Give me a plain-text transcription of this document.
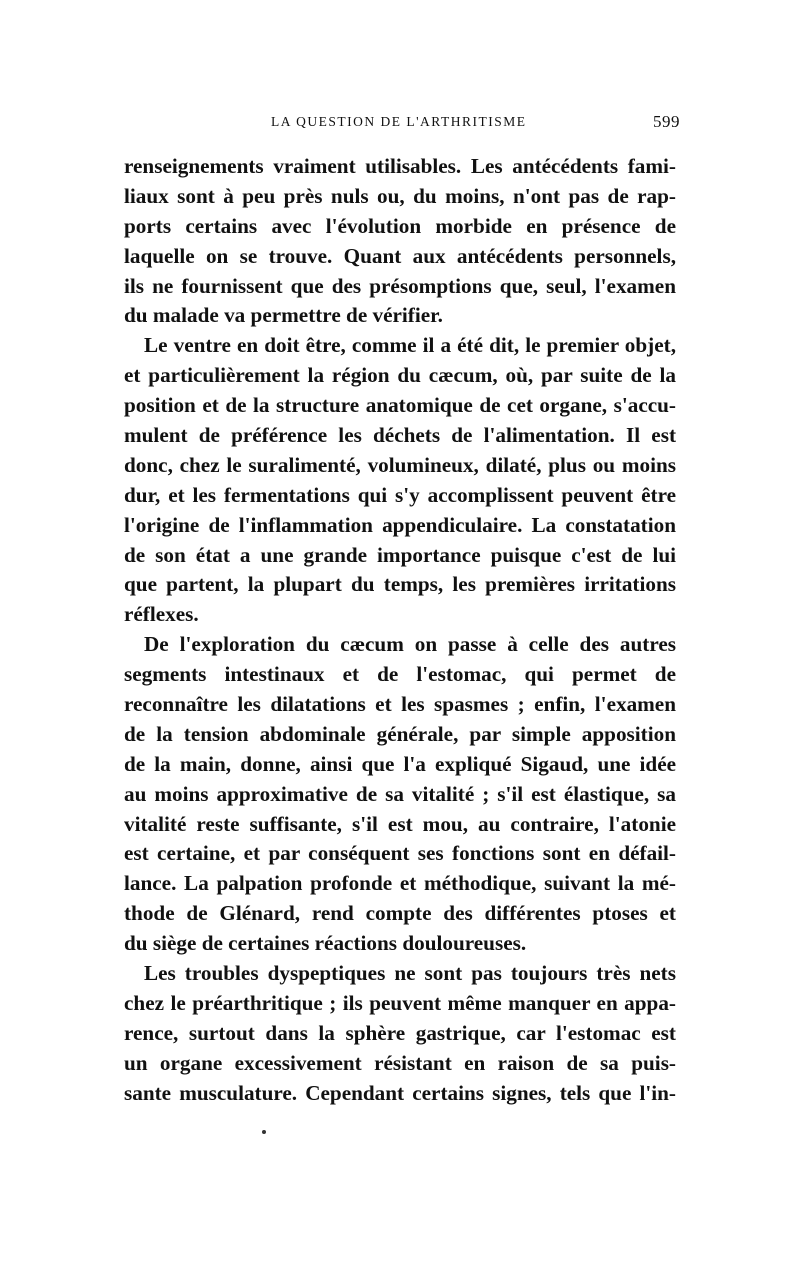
LA QUESTION DE L'ARTHRITISME	599
renseignements vraiment utilisables. Les antécédents fami-
liaux sont à peu près nuls ou, du moins, n'ont pas de rap-
ports certains avec l'évolution morbide en présence de
laquelle on se trouve. Quant aux antécédents personnels,
ils ne fournissent que des présomptions que, seul, l'examen
du malade va permettre de vérifier.
Le ventre en doit être, comme il a été dit, le premier objet,
et particulièrement la région du cæcum, où, par suite de la
position et de la structure anatomique de cet organe, s'accu-
mulent de préférence les déchets de l'alimentation. Il est
donc, chez le suralimenté, volumineux, dilaté, plus ou moins
dur, et les fermentations qui s'y accomplissent peuvent être
l'origine de l'inflammation appendiculaire. La constatation
de son état a une grande importance puisque c'est de lui
que partent, la plupart du temps, les premières irritations
réflexes.
De l'exploration du cæcum on passe à celle des autres
segments intestinaux et de l'estomac, qui permet de
reconnaître les dilatations et les spasmes ; enfin, l'examen
de la tension abdominale générale, par simple apposition
de la main, donne, ainsi que l'a expliqué Sigaud, une idée
au moins approximative de sa vitalité ; s'il est élastique, sa
vitalité reste suffisante, s'il est mou, au contraire, l'atonie
est certaine, et par conséquent ses fonctions sont en défail-
lance. La palpation profonde et méthodique, suivant la mé-
thode de Glénard, rend compte des différentes ptoses et
du siège de certaines réactions douloureuses.
Les troubles dyspeptiques ne sont pas toujours très nets
chez le préarthritique ; ils peuvent même manquer en appa-
rence, surtout dans la sphère gastrique, car l'estomac est
un organe excessivement résistant en raison de sa puis-
sante musculature. Cependant certains signes, tels que l'in-
